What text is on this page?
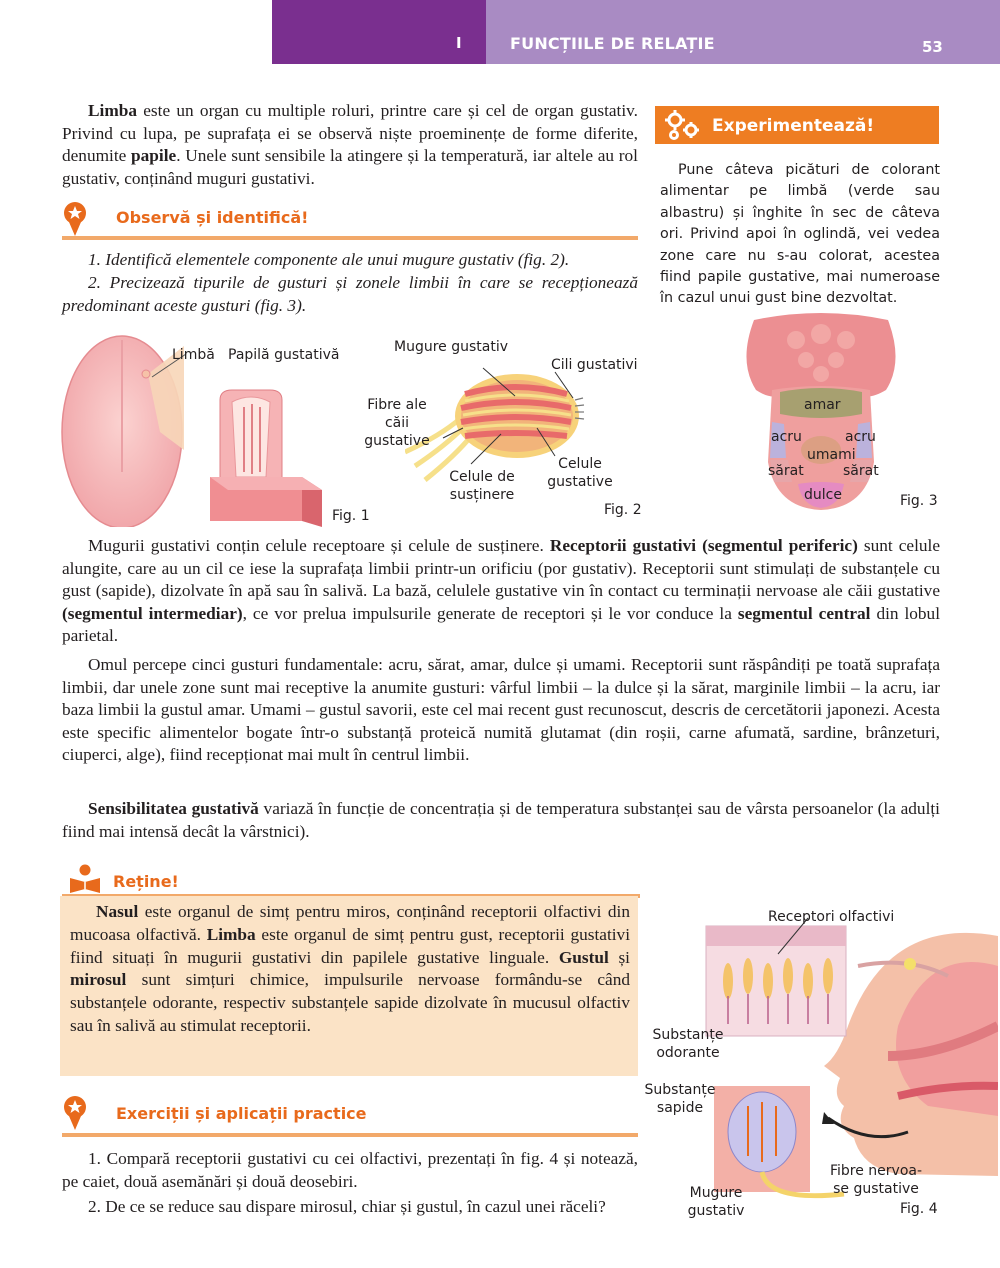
I	FUNCȚIILE DE RELAȚIE	53

Limba este un organ cu multiple roluri, printre care și cel de organ gustativ. Privind cu lupa, pe suprafața ei se observă niște proeminențe de forme diferite, denumite papile. Unele sunt sensibile la atingere și la temperatură, iar altele au rol gustativ, conținând muguri gustativi.

Observă și identifică!

1. Identifică elementele componente ale unui mugure gustativ (fig. 2).

2. Precizează tipurile de gusturi și zonele limbii în care se recepționează predominant aceste gusturi (fig. 3).

Experimentează!
Pune câteva picături de colorant alimentar pe limbă (verde sau albastru) și înghite în sec de câteva ori. Privind apoi în oglindă, vei vedea zone care nu s-au colorat, acestea fiind papile gustative, mai numeroase în cazul unui gust bine dezvoltat.
Limbă Papilă gustativă
Fig. 1
Mugure gustativ
Cili gustativi
Fibre ale căii
gustative
Celule de
susținere
Celule
gustative
Fig. 2
amar
acru	acru
umami
sărat	sărat
dulce	Fig. 3

Mugurii gustativi conțin celule receptoare și celule de susținere. Receptorii gustativi (segmentul periferic) sunt celule alungite, care au un cil ce iese la suprafața limbii printr-un orificiu (por gustativ). Receptorii sunt stimulați de substanțele cu gust (sapide), dizolvate în apă sau în salivă. La bază, celulele gustative vin în contact cu terminații nervoase ale căii gustative (segmentul intermediar), ce vor prelua impulsurile generate de receptori și le vor conduce la segmentul central din lobul parietal.

Omul percepe cinci gusturi fundamentale: acru, sărat, amar, dulce și umami. Receptorii sunt răspândiți pe toată suprafața limbii, dar unele zone sunt mai receptive la anumite gusturi: vârful limbii – la dulce și la sărat, marginile limbii – la acru, iar baza limbii la gustul amar. Umami – gustul savorii, este cel mai recent gust recunoscut, descris de cercetătorii japonezi. Acesta este specific alimentelor bogate într-o substanță proteică numită glutamat (din roșii, carne afumată, sardine, brânzeturi, ciuperci, alge), fiind recepționat mai mult în centrul limbii.

Sensibilitatea gustativă variază în funcție de concentrația și de temperatura substanței sau de vârsta persoanelor (la adulți fiind mai intensă decât la vârstnici).

Reține!

Nasul este organul de simț pentru miros, conținând receptorii olfactivi din mucoasa olfactivă. Limba este organul de simț pentru gust, receptorii gustativi fiind situați în mugurii gustativi din papilele gustative linguale. Gustul și mirosul sunt simțuri chimice, impulsurile nervoase formându-se când substanțele odorante, respectiv substanțele sapide dizolvate în mucusul olfactiv sau în salivă au stimulat receptorii.

Exerciții și aplicații practice

1. Compară receptorii gustativi cu cei olfactivi, prezentați în fig. 4 și notează, pe caiet, două asemănări și două deosebiri.

2. De ce se reduce sau dispare mirosul, chiar și gustul, în cazul unei răceli?

Receptori olfactivi
Substanțe
odorante
Substanțe
sapide
Fibre nervoa-
se gustative
Mugure
gustativ	Fig. 4
